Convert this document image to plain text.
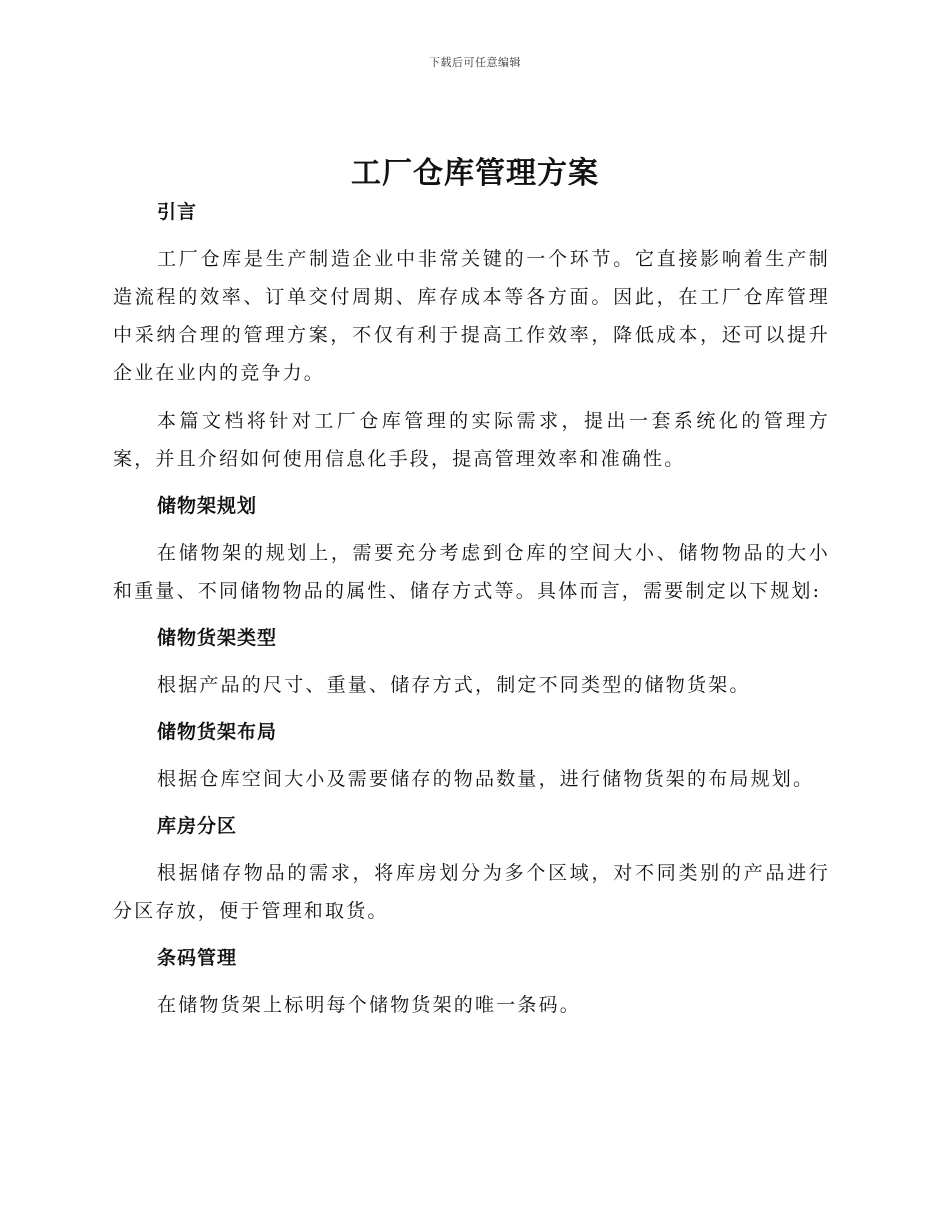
下载后可任意编辑
工厂仓库管理方案
引言

工厂仓库是生产制造企业中非常关键的一个环节。它直接影响着生产制造流程的效率、订单交付周期、库存成本等各方面。因此，在工厂仓库管理中采纳合理的管理方案，不仅有利于提高工作效率，降低成本，还可以提升企业在业内的竞争力。

本篇文档将针对工厂仓库管理的实际需求，提出一套系统化的管理方案，并且介绍如何使用信息化手段，提高管理效率和准确性。

储物架规划

在储物架的规划上，需要充分考虑到仓库的空间大小、储物物品的大小和重量、不同储物物品的属性、储存方式等。具体而言，需要制定以下规划:

储物货架类型

根据产品的尺寸、重量、储存方式，制定不同类型的储物货架。

储物货架布局

根据仓库空间大小及需要储存的物品数量，进行储物货架的布局规划。

库房分区

根据储存物品的需求，将库房划分为多个区域，对不同类别的产品进行分区存放，便于管理和取货。

条码管理

在储物货架上标明每个储物货架的唯一条码。
